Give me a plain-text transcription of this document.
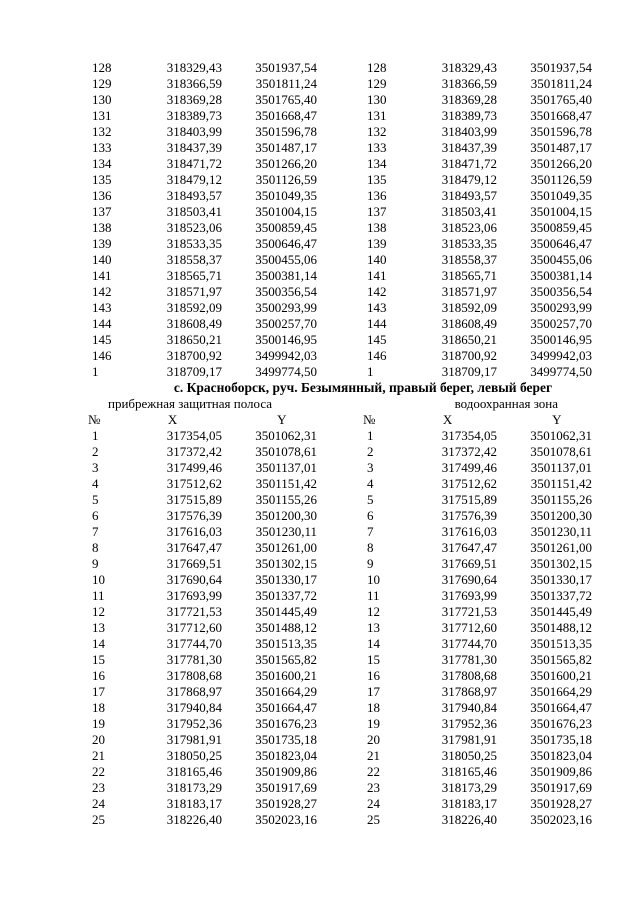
128	318329,43	3501937,54
129	318366,59	3501811,24
130	318369,28	3501765,40
131	318389,73	3501668,47
132	318403,99	3501596,78
133	318437,39	3501487,17
134	318471,72	3501266,20
135	318479,12	3501126,59
136	318493,57	3501049,35
137	318503,41	3501004,15
138	318523,06	3500859,45
139	318533,35	3500646,47
140	318558,37	3500455,06
141	318565,71	3500381,14
142	318571,97	3500356,54
143	318592,09	3500293,99
144	318608,49	3500257,70
145	318650,21	3500146,95
146	318700,92	3499942,03
1	318709,17	3499774,50
128	318329,43	3501937,54
129	318366,59	3501811,24
130	318369,28	3501765,40
131	318389,73	3501668,47
132	318403,99	3501596,78
133	318437,39	3501487,17
134	318471,72	3501266,20
135	318479,12	3501126,59
136	318493,57	3501049,35
137	318503,41	3501004,15
138	318523,06	3500859,45
139	318533,35	3500646,47
140	318558,37	3500455,06
141	318565,71	3500381,14
142	318571,97	3500356,54
143	318592,09	3500293,99
144	318608,49	3500257,70
145	318650,21	3500146,95
146	318700,92	3499942,03
1	318709,17	3499774,50
с. Красноборск, руч. Безымянный, правый берег, левый берег
прибрежная защитная полоса	водоохранная зона
№	X	Y
1	317354,05	3501062,31
2	317372,42	3501078,61
3	317499,46	3501137,01
4	317512,62	3501151,42
5	317515,89	3501155,26
6	317576,39	3501200,30
7	317616,03	3501230,11
8	317647,47	3501261,00
9	317669,51	3501302,15
10	317690,64	3501330,17
11	317693,99	3501337,72
12	317721,53	3501445,49
13	317712,60	3501488,12
14	317744,70	3501513,35
15	317781,30	3501565,82
16	317808,68	3501600,21
17	317868,97	3501664,29
18	317940,84	3501664,47
19	317952,36	3501676,23
20	317981,91	3501735,18
21	318050,25	3501823,04
22	318165,46	3501909,86
23	318173,29	3501917,69
24	318183,17	3501928,27
25	318226,40	3502023,16
№	X	Y
1	317354,05	3501062,31
2	317372,42	3501078,61
3	317499,46	3501137,01
4	317512,62	3501151,42
5	317515,89	3501155,26
6	317576,39	3501200,30
7	317616,03	3501230,11
8	317647,47	3501261,00
9	317669,51	3501302,15
10	317690,64	3501330,17
11	317693,99	3501337,72
12	317721,53	3501445,49
13	317712,60	3501488,12
14	317744,70	3501513,35
15	317781,30	3501565,82
16	317808,68	3501600,21
17	317868,97	3501664,29
18	317940,84	3501664,47
19	317952,36	3501676,23
20	317981,91	3501735,18
21	318050,25	3501823,04
22	318165,46	3501909,86
23	318173,29	3501917,69
24	318183,17	3501928,27
25	318226,40	3502023,16
